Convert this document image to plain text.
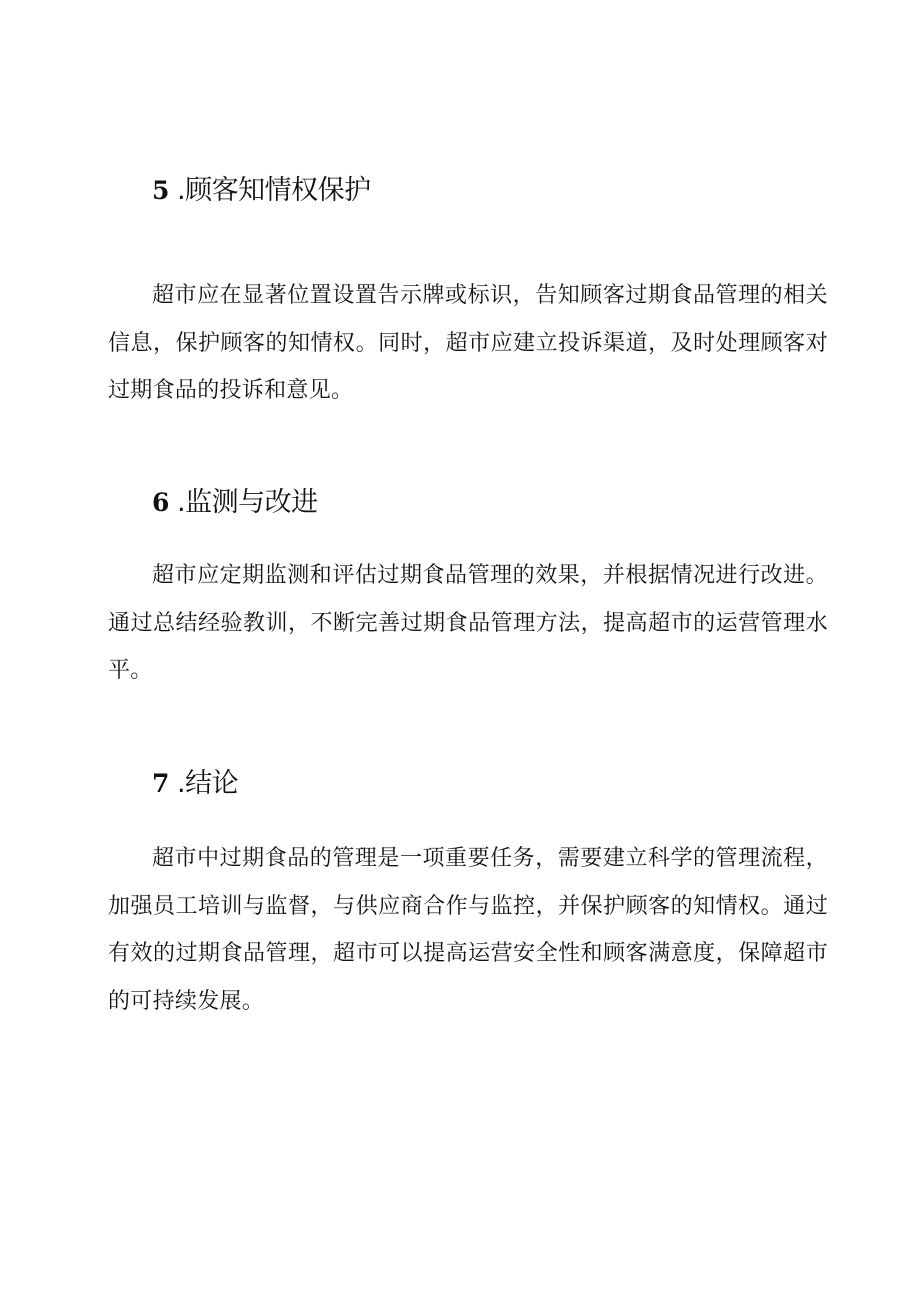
5 .顾客知情权保护

超市应在显著位置设置告示牌或标识，告知顾客过期食品管理的相关信息，保护顾客的知情权。同时，超市应建立投诉渠道，及时处理顾客对过期食品的投诉和意见。

6 .监测与改进

超市应定期监测和评估过期食品管理的效果，并根据情况进行改进。通过总结经验教训，不断完善过期食品管理方法，提高超市的运营管理水平。

7 .结论

超市中过期食品的管理是一项重要任务，需要建立科学的管理流程，加强员工培训与监督，与供应商合作与监控，并保护顾客的知情权。通过有效的过期食品管理，超市可以提高运营安全性和顾客满意度，保障超市的可持续发展。
